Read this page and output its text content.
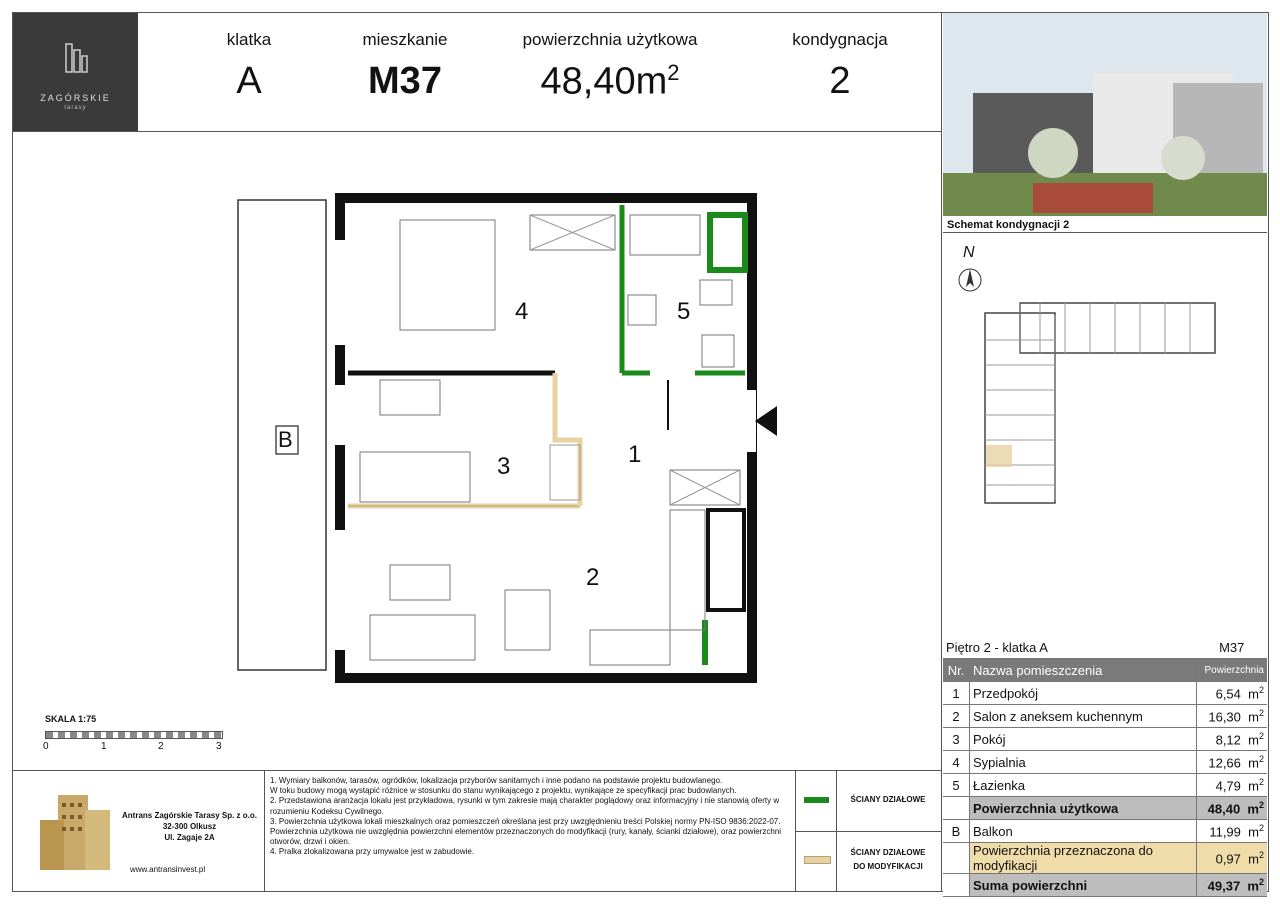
ZAGÓRSKIE
tarasy
klatka
A
mieszkanie
M37
powierzchnia użytkowa
$48,40m^2$
kondygnacja
2
4	5
3	1
2
B
SKALA 1:75
0	1	2	3
Schemat kondygnacji 2
N
Piętro 2 - klatka A		M37
Nr.	Nazwa pomieszczenia	Powierzchnia
1	Przedpokój	6,54 $m^2$
2	Salon z aneksem kuchennym	16,30 $m^2$
3	Pokój	8,12 $m^2$
4	Sypialnia	12,66 $m^2$
5	Łazienka	4,79 $m^2$
	Powierzchnia użytkowa	48,40 $m^2$
B	Balkon	11,99 $m^2$
	Powierzchnia przeznaczona do modyfikacji	0,97 $m^2$
	Suma powierzchni	49,37 $m^2$
Antrans Zagórskie Tarasy Sp. z o.o.
32-300 Olkusz
Ul. Zagaje 2A
www.antransinvest.pl
1. Wymiary balkonów, tarasów, ogródków, lokalizacja przyborów sanitarnych i inne podano na podstawie projektu budowlanego.
W toku budowy mogą wystąpić różnice w stosunku do stanu wynikającego z projektu, wynikające ze specyfikacji prac budowlanych.
2. Przedstawiona aranżacja lokalu jest przykładowa, rysunki w tym zakresie mają charakter poglądowy oraz informacyjny i nie stanowią oferty w rozumieniu Kodeksu Cywilnego.
3. Powierzchnia użytkowa lokali mieszkalnych oraz pomieszczeń określana jest przy uwzględnieniu treści Polskiej normy PN-ISO 9836:2022-07. Powierzchnia użytkowa nie uwzględnia powierzchni elementów przeznaczonych do modyfikacji (rury, kanały, ścianki działowe), oraz powierzchni otworów, drzwi i okien.
4. Pralka zlokalizowana przy umywalce jest w zabudowie.
ŚCIANY DZIAŁOWE
ŚCIANY DZIAŁOWE
DO MODYFIKACJI
